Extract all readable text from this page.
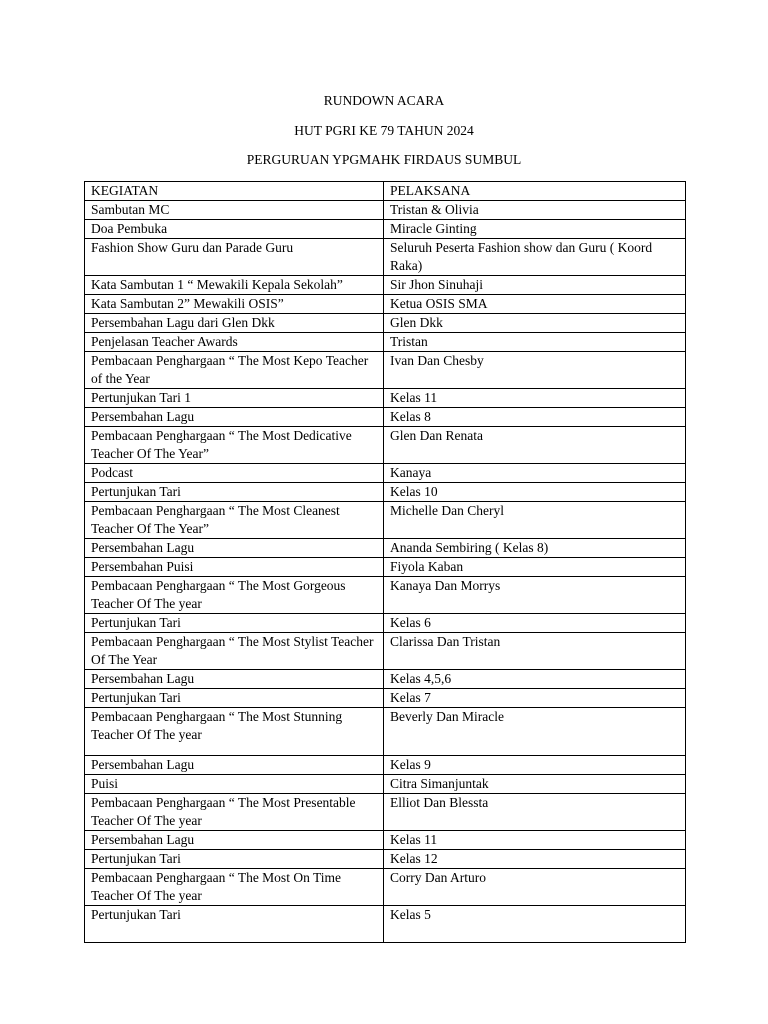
RUNDOWN ACARA
HUT PGRI KE 79 TAHUN 2024
PERGURUAN YPGMAHK FIRDAUS SUMBUL
KEGIATAN	PELAKSANA
Sambutan MC	Tristan & Olivia
Doa Pembuka	Miracle Ginting
Fashion Show Guru dan Parade Guru	Seluruh Peserta Fashion show dan Guru ( Koord Raka)
Kata Sambutan 1 “ Mewakili Kepala Sekolah”	Sir Jhon Sinuhaji
Kata Sambutan 2” Mewakili OSIS”	Ketua OSIS SMA
Persembahan Lagu dari Glen Dkk	Glen Dkk
Penjelasan Teacher Awards	Tristan
Pembacaan Penghargaan “ The Most Kepo Teacher of the Year	Ivan Dan Chesby
Pertunjukan Tari 1	Kelas 11
Persembahan Lagu	Kelas 8
Pembacaan Penghargaan “ The Most Dedicative Teacher Of The Year”	Glen Dan Renata
Podcast	Kanaya
Pertunjukan Tari	Kelas 10
Pembacaan Penghargaan “ The Most Cleanest Teacher Of The Year”	Michelle Dan Cheryl
Persembahan Lagu	Ananda Sembiring ( Kelas 8)
Persembahan Puisi	Fiyola Kaban
Pembacaan Penghargaan “ The Most Gorgeous Teacher Of The year	Kanaya Dan Morrys
Pertunjukan Tari	Kelas 6
Pembacaan Penghargaan “ The Most Stylist Teacher Of The Year	Clarissa Dan Tristan
Persembahan Lagu	Kelas 4,5,6
Pertunjukan Tari	Kelas 7
Pembacaan Penghargaan “ The Most Stunning Teacher Of The year	Beverly Dan Miracle
Persembahan Lagu	Kelas 9
Puisi	Citra Simanjuntak
Pembacaan Penghargaan “ The Most Presentable Teacher Of The year	Elliot Dan Blessta
Persembahan Lagu	Kelas 11
Pertunjukan Tari	Kelas 12
Pembacaan Penghargaan “ The Most On Time Teacher Of The year	Corry Dan Arturo
Pertunjukan Tari	Kelas 5
